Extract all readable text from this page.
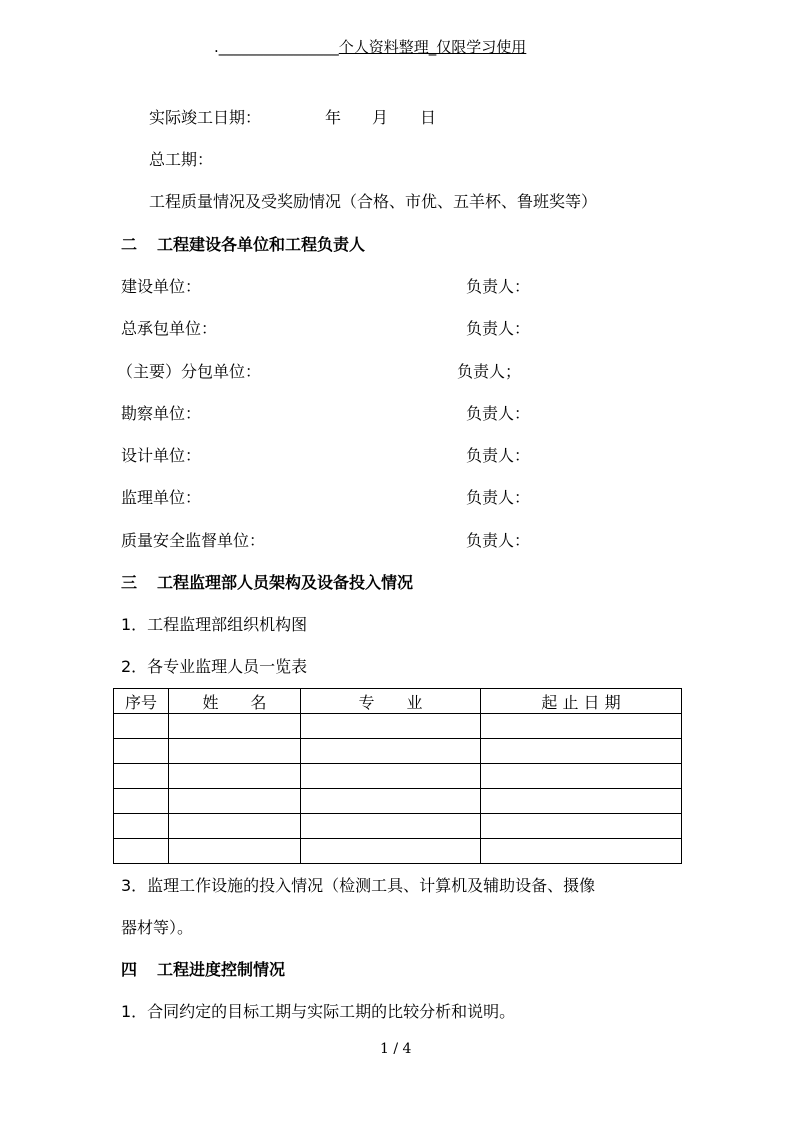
.________________个人资料整理_仅限学习使用
实际竣工日期：	年 月 日
总工期：
工程质量情况及受奖励情况（合格、市优、五羊杯、鲁班奖等）
二 工程建设各单位和工程负责人
建设单位：	负责人：
总承包单位：	负责人：
（主要）分包单位：	负责人；
勘察单位：	负责人：
设计单位：	负责人：
监理单位：	负责人：
质量安全监督单位：	负责人：
三 工程监理部人员架构及设备投入情况
1．工程监理部组织机构图
2．各专业监理人员一览表
序号	姓　　名	专　　业	起 止 日 期

3．监理工作设施的投入情况（检测工具、计算机及辅助设备、摄像
器材等）。
四 工程进度控制情况
1．合同约定的目标工期与实际工期的比较分析和说明。
1 / 4
